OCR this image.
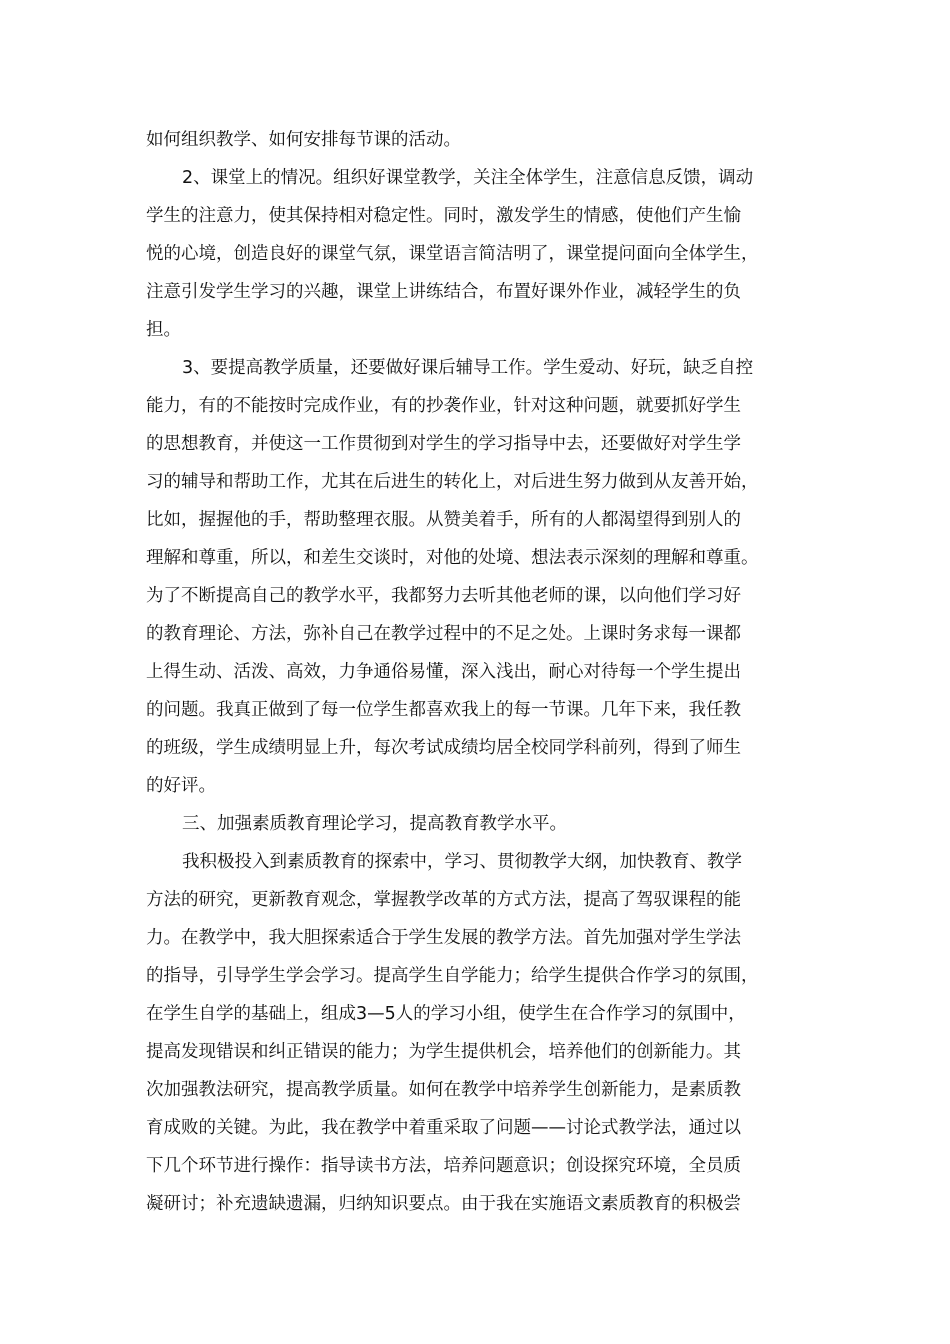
如何组织教学、如何安排每节课的活动。
2、课堂上的情况。组织好课堂教学，关注全体学生，注意信息反馈，调动
学生的注意力，使其保持相对稳定性。同时，激发学生的情感，使他们产生愉
悦的心境，创造良好的课堂气氛，课堂语言简洁明了，课堂提问面向全体学生，
注意引发学生学习的兴趣，课堂上讲练结合，布置好课外作业，减轻学生的负
担。
3、要提高教学质量，还要做好课后辅导工作。学生爱动、好玩，缺乏自控
能力，有的不能按时完成作业，有的抄袭作业，针对这种问题，就要抓好学生
的思想教育，并使这一工作贯彻到对学生的学习指导中去，还要做好对学生学
习的辅导和帮助工作，尤其在后进生的转化上，对后进生努力做到从友善开始，
比如，握握他的手，帮助整理衣服。从赞美着手，所有的人都渴望得到别人的
理解和尊重，所以，和差生交谈时，对他的处境、想法表示深刻的理解和尊重。
为了不断提高自己的教学水平，我都努力去听其他老师的课，以向他们学习好
的教育理论、方法，弥补自己在教学过程中的不足之处。上课时务求每一课都
上得生动、活泼、高效，力争通俗易懂，深入浅出，耐心对待每一个学生提出
的问题。我真正做到了每一位学生都喜欢我上的每一节课。几年下来，我任教
的班级，学生成绩明显上升，每次考试成绩均居全校同学科前列，得到了师生
的好评。
三、加强素质教育理论学习，提高教育教学水平。
我积极投入到素质教育的探索中，学习、贯彻教学大纲，加快教育、教学
方法的研究，更新教育观念，掌握教学改革的方式方法，提高了驾驭课程的能
力。在教学中，我大胆探索适合于学生发展的教学方法。首先加强对学生学法
的指导，引导学生学会学习。提高学生自学能力；给学生提供合作学习的氛围，
在学生自学的基础上，组成3—5人的学习小组，使学生在合作学习的氛围中，
提高发现错误和纠正错误的能力；为学生提供机会，培养他们的创新能力。其
次加强教法研究，提高教学质量。如何在教学中培养学生创新能力，是素质教
育成败的关键。为此，我在教学中着重采取了问题——讨论式教学法，通过以
下几个环节进行操作：指导读书方法，培养问题意识；创设探究环境，全员质
凝研讨；补充遗缺遗漏，归纳知识要点。由于我在实施语文素质教育的积极尝
